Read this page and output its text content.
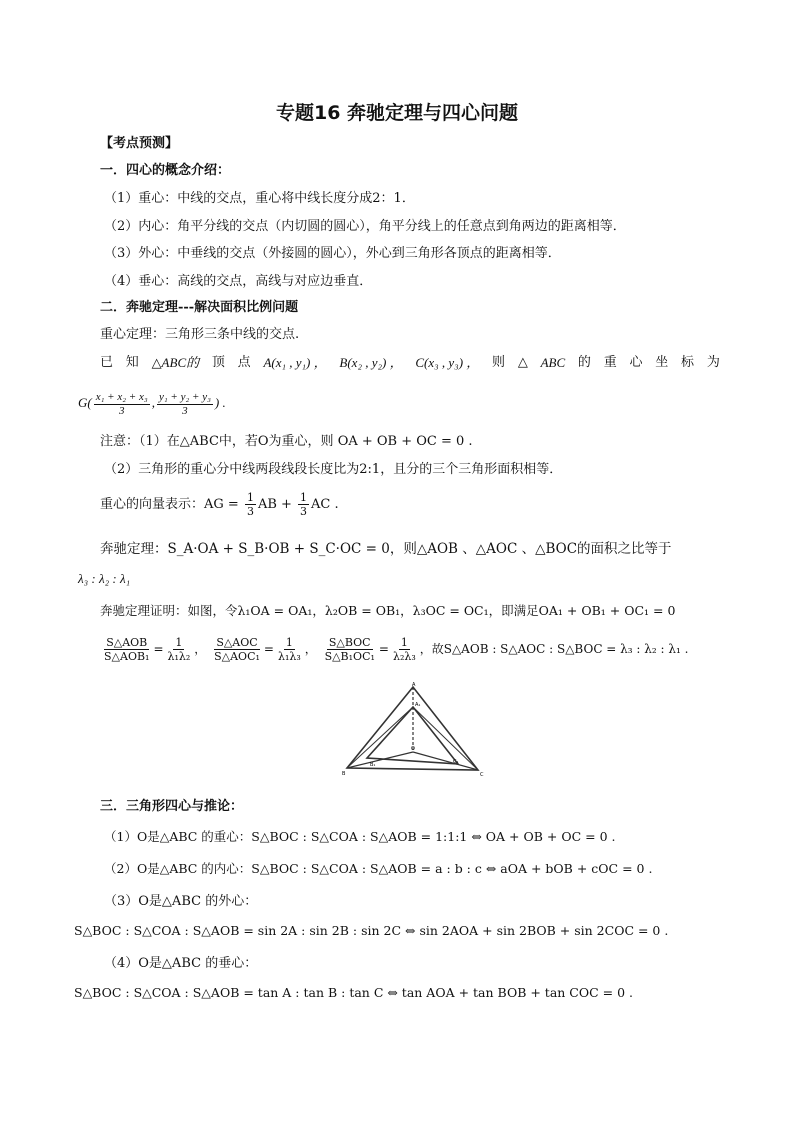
专题16 奔驰定理与四心问题
【考点预测】
一．四心的概念介绍：
（1）重心：中线的交点，重心将中线长度分成2：1．
（2）内心：角平分线的交点（内切圆的圆心），角平分线上的任意点到角两边的距离相等．
（3）外心：中垂线的交点（外接圆的圆心），外心到三角形各顶点的距离相等．
（4）垂心：高线的交点，高线与对应边垂直．
二．奔驰定理---解决面积比例问题
重心定理：三角形三条中线的交点.
已 知 △ABC的 顶 点 A(x₁ , y₁) ， B(x₂ , y₂) ， C(x₃ , y₃) ， 则 △ ABC 的 重 心 坐 标 为
$G( \frac{\text{x₁ + x₂ + x₃}}{3}$ , $\frac{\text{y₁ + y₂ + y₃}}{3}$ ) .
注意：（1）在△ABC中，若O为重心，则 OA + OB + OC = 0 .
（2）三角形的重心分中线两段线段长度比为2:1，且分的三个三角形面积相等．
重心的向量表示：AG = $\frac{1}{3}$ AB + $\frac{1}{3}$ AC .
奔驰定理：S_A·OA + S_B·OB + S_C·OC = 0，则△AOB 、△AOC 、△BOC的面积之比等于
λ₃ : λ₂ : λ₁
奔驰定理证明：如图，令λ₁OA = OA₁，λ₂OB = OB₁，λ₃OC = OC₁，即满足OA₁ + OB₁ + OC₁ = 0
$\frac{\text{S△AOB}}{\text{S△AOB₁}} = \frac{1}{\text{λ₁λ₂}}$ ， $\frac{\text{S△AOC}}{\text{S△AOC₁}} = \frac{1}{\text{λ₁λ₃}}$ ， $\frac{\text{S△BOC}}{\text{S△B₁OC₁}} = \frac{1}{\text{λ₂λ₃}}$ ，故S△AOB : S△AOC : S△BOC = λ₃ : λ₂ : λ₁ .
A
A₁
O
B
B₁	C₁
C
三．三角形四心与推论：
（1）O是△ABC 的重心：S△BOC : S△COA : S△AOB = 1:1:1 ⇔ OA + OB + OC = 0 .
（2）O是△ABC 的内心：S△BOC : S△COA : S△AOB = a : b : c ⇔ aOA + bOB + cOC = 0 .
（3）O是△ABC 的外心：
S△BOC : S△COA : S△AOB = sin 2A : sin 2B : sin 2C ⇔ sin 2AOA + sin 2BOB + sin 2COC = 0 .
（4）O是△ABC 的垂心：
S△BOC : S△COA : S△AOB = tan A : tan B : tan C ⇔ tan AOA + tan BOB + tan COC = 0 .
